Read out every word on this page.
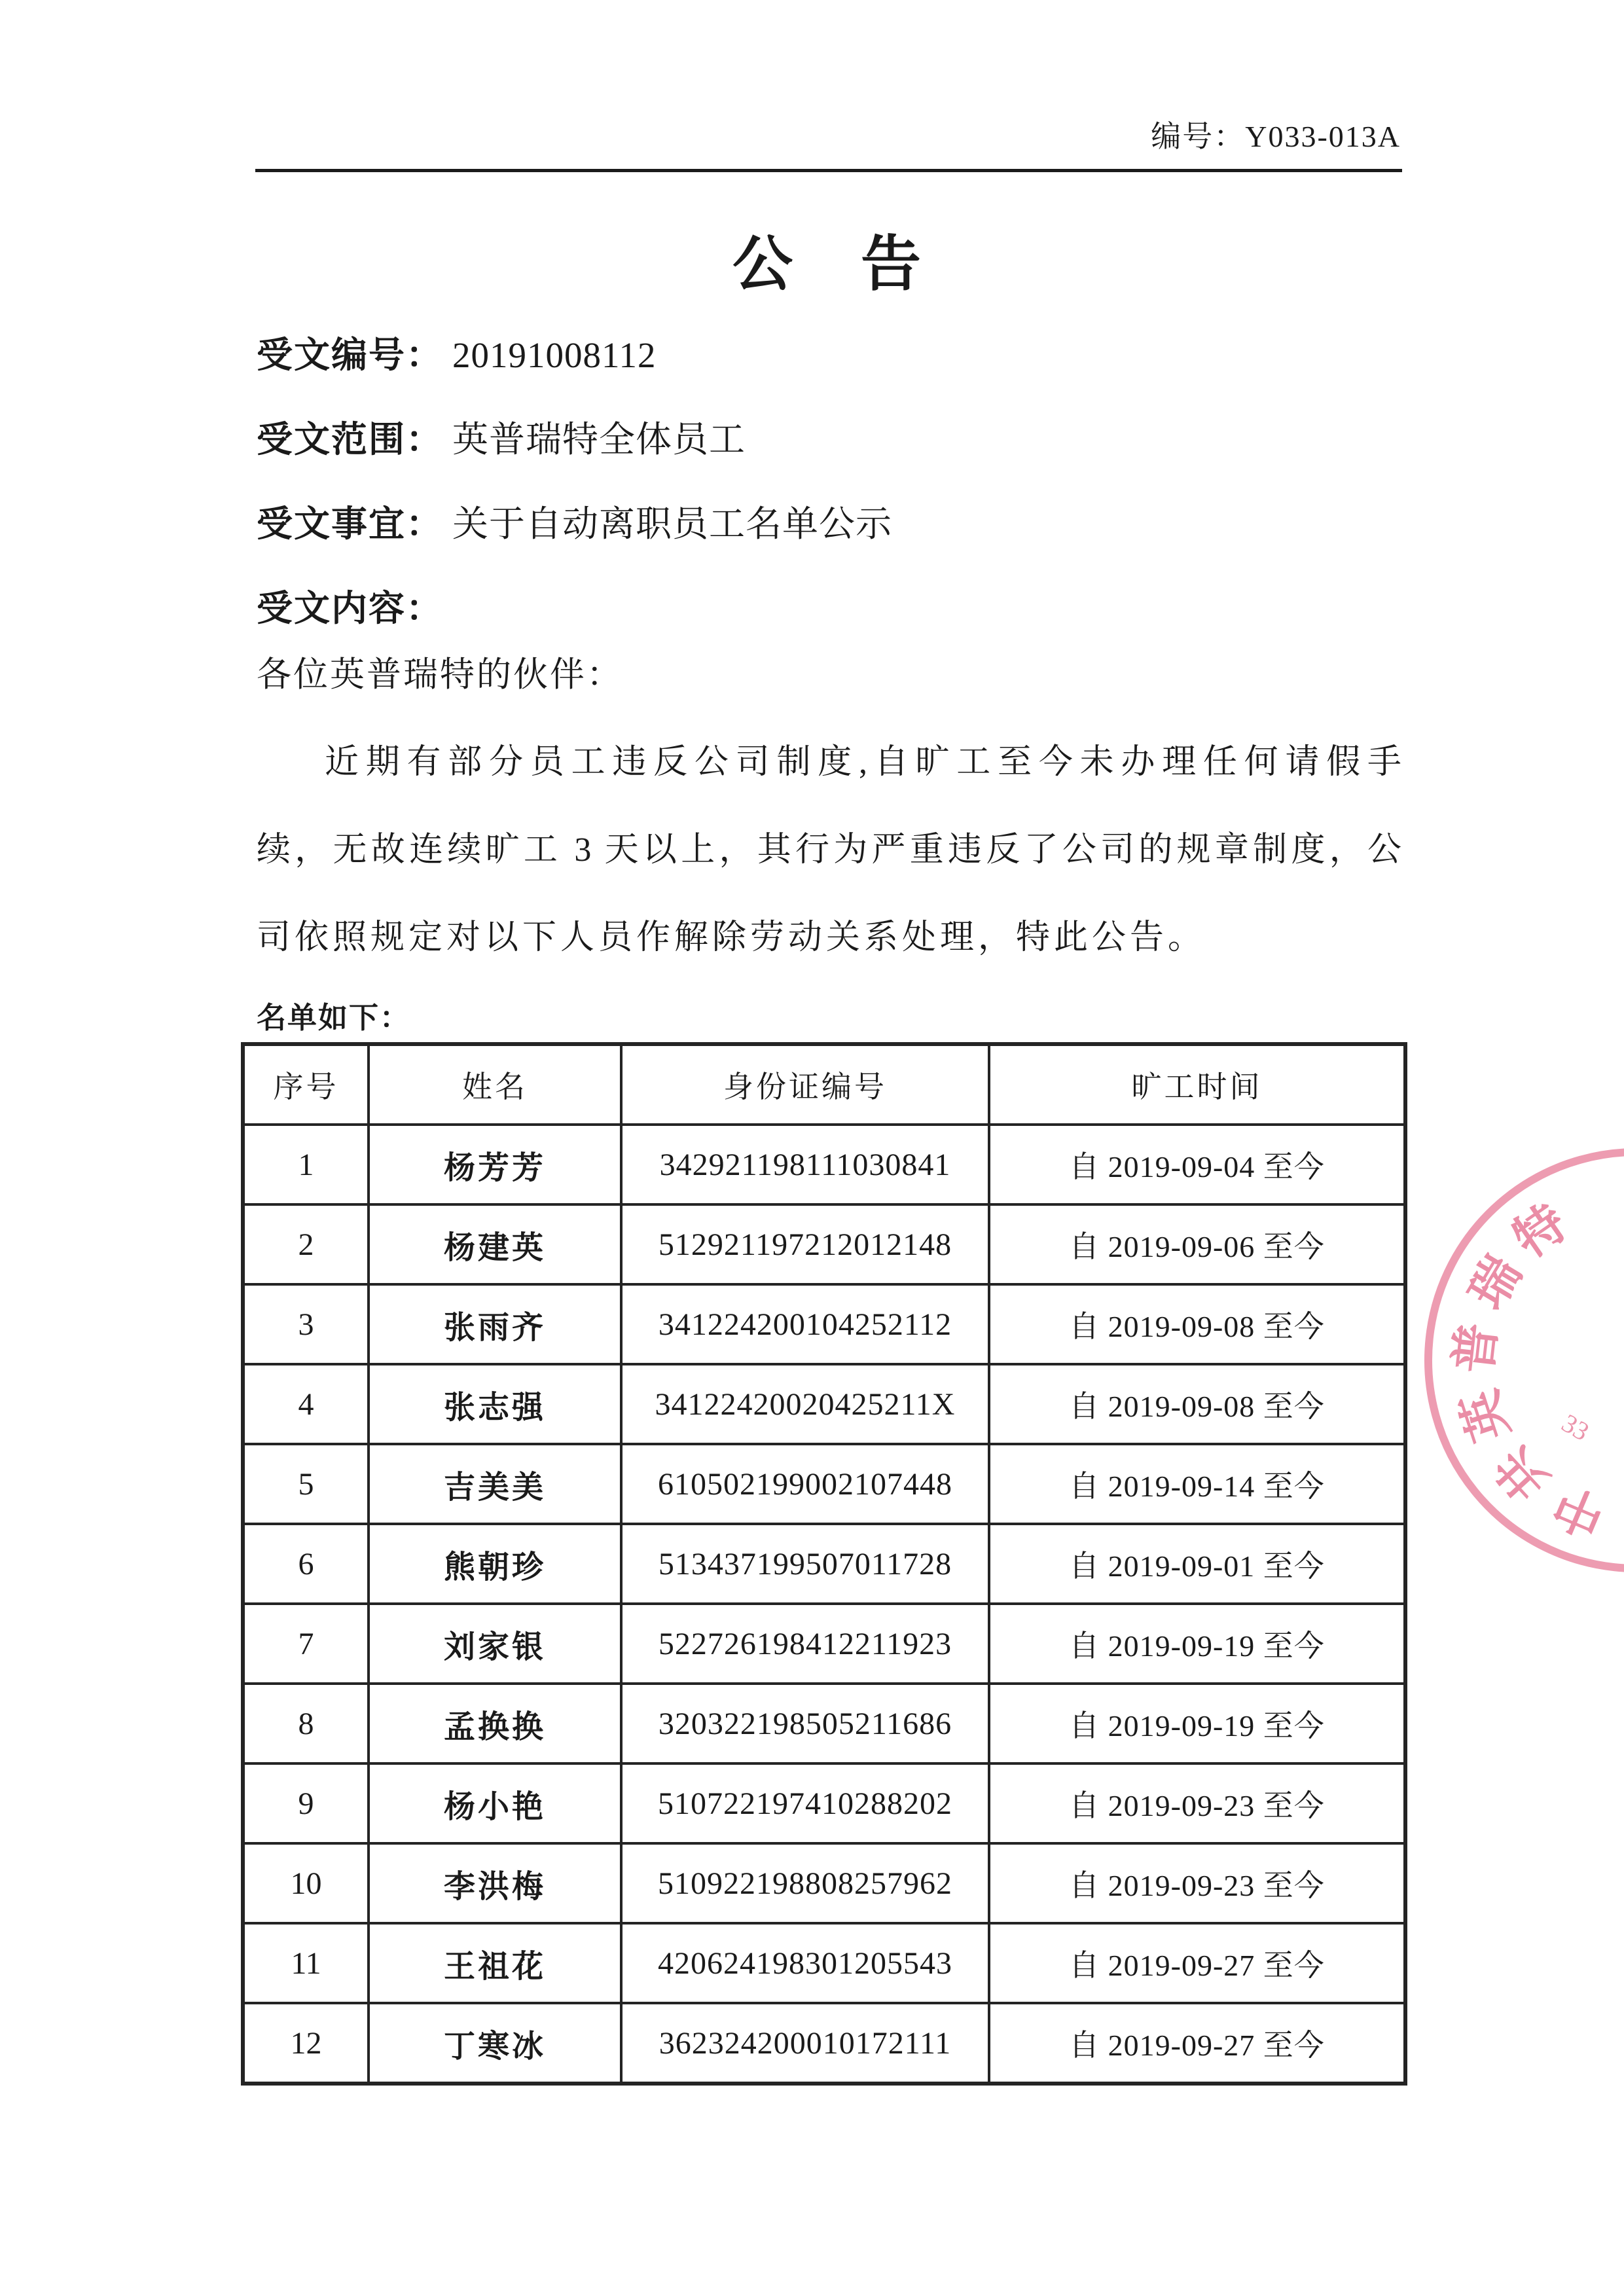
编号：Y033-013A
公　告
受文编号： 20191008112
受文范围： 英普瑞特全体员工
受文事宜： 关于自动离职员工名单公示
受文内容：
各位英普瑞特的伙伴：
近期有部分员工违反公司制度,自旷工至今未办理任何请假手
续，无故连续旷工 3 天以上，其行为严重违反了公司的规章制度，公
司依照规定对以下人员作解除劳动关系处理，特此公告。
名单如下：
序号	姓名	身份证编号	旷工时间
1	杨芳芳	342921198111030841	自 2019-09-04 至今
2	杨建英	512921197212012148	自 2019-09-06 至今
3	张雨齐	341224200104252112	自 2019-09-08 至今
4	张志强	34122420020425211X	自 2019-09-08 至今
5	吉美美	610502199002107448	自 2019-09-14 至今
6	熊朝珍	513437199507011728	自 2019-09-01 至今
7	刘家银	522726198412211923	自 2019-09-19 至今
8	孟换换	320322198505211686	自 2019-09-19 至今
9	杨小艳	510722197410288202	自 2019-09-23 至今
10	李洪梅	510922198808257962	自 2019-09-23 至今
11	王祖花	420624198301205543	自 2019-09-27 至今
12	丁寒冰	362324200010172111	自 2019-09-27 至今
中共英普瑞特
33
